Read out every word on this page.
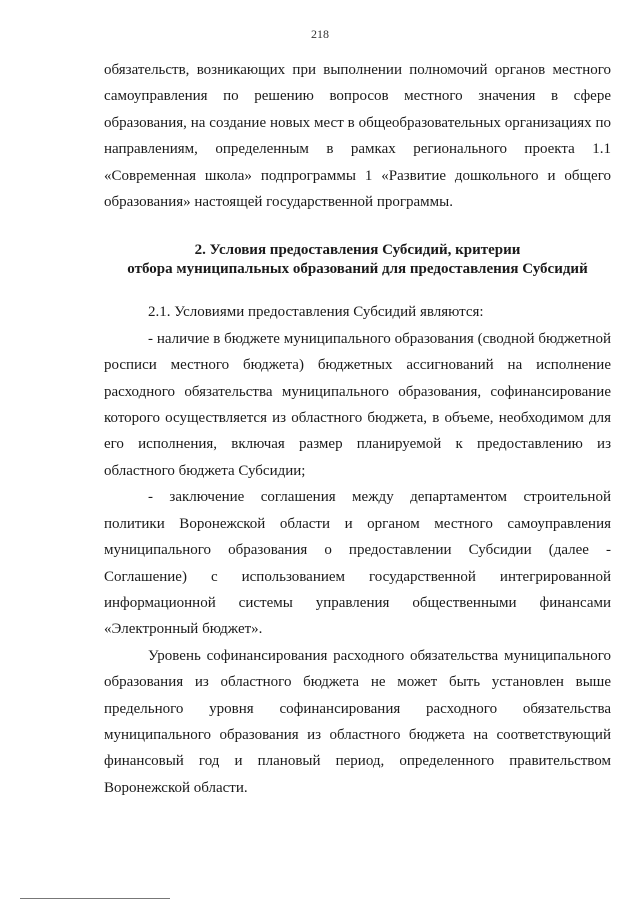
218

обязательств, возникающих при выполнении полномочий органов местного самоуправления по решению вопросов местного значения в сфере образования, на создание новых мест в общеобразовательных организациях по направлениям, определенным в рамках регионального проекта 1.1 «Современная школа» подпрограммы 1 «Развитие дошкольного и общего образования» настоящей государственной программы.

2. Условия предоставления Субсидий, критерии
отбора муниципальных образований для предоставления Субсидий

2.1. Условиями предоставления Субсидий являются:

- наличие в бюджете муниципального образования (сводной бюджетной росписи местного бюджета) бюджетных ассигнований на исполнение расходного обязательства муниципального образования, софинансирование которого осуществляется из областного бюджета, в объеме, необходимом для его исполнения, включая размер планируемой к предоставлению из областного бюджета Субсидии;

- заключение соглашения между департаментом строительной политики Воронежской области и органом местного самоуправления муниципального образования о предоставлении Субсидии (далее - Соглашение) с использованием государственной интегрированной информационной системы управления общественными финансами «Электронный бюджет».

Уровень софинансирования расходного обязательства муниципального образования из областного бюджета не может быть установлен выше предельного уровня софинансирования расходного обязательства муниципального образования из областного бюджета на соответствующий финансовый год и плановый период, определенного правительством Воронежской области.
